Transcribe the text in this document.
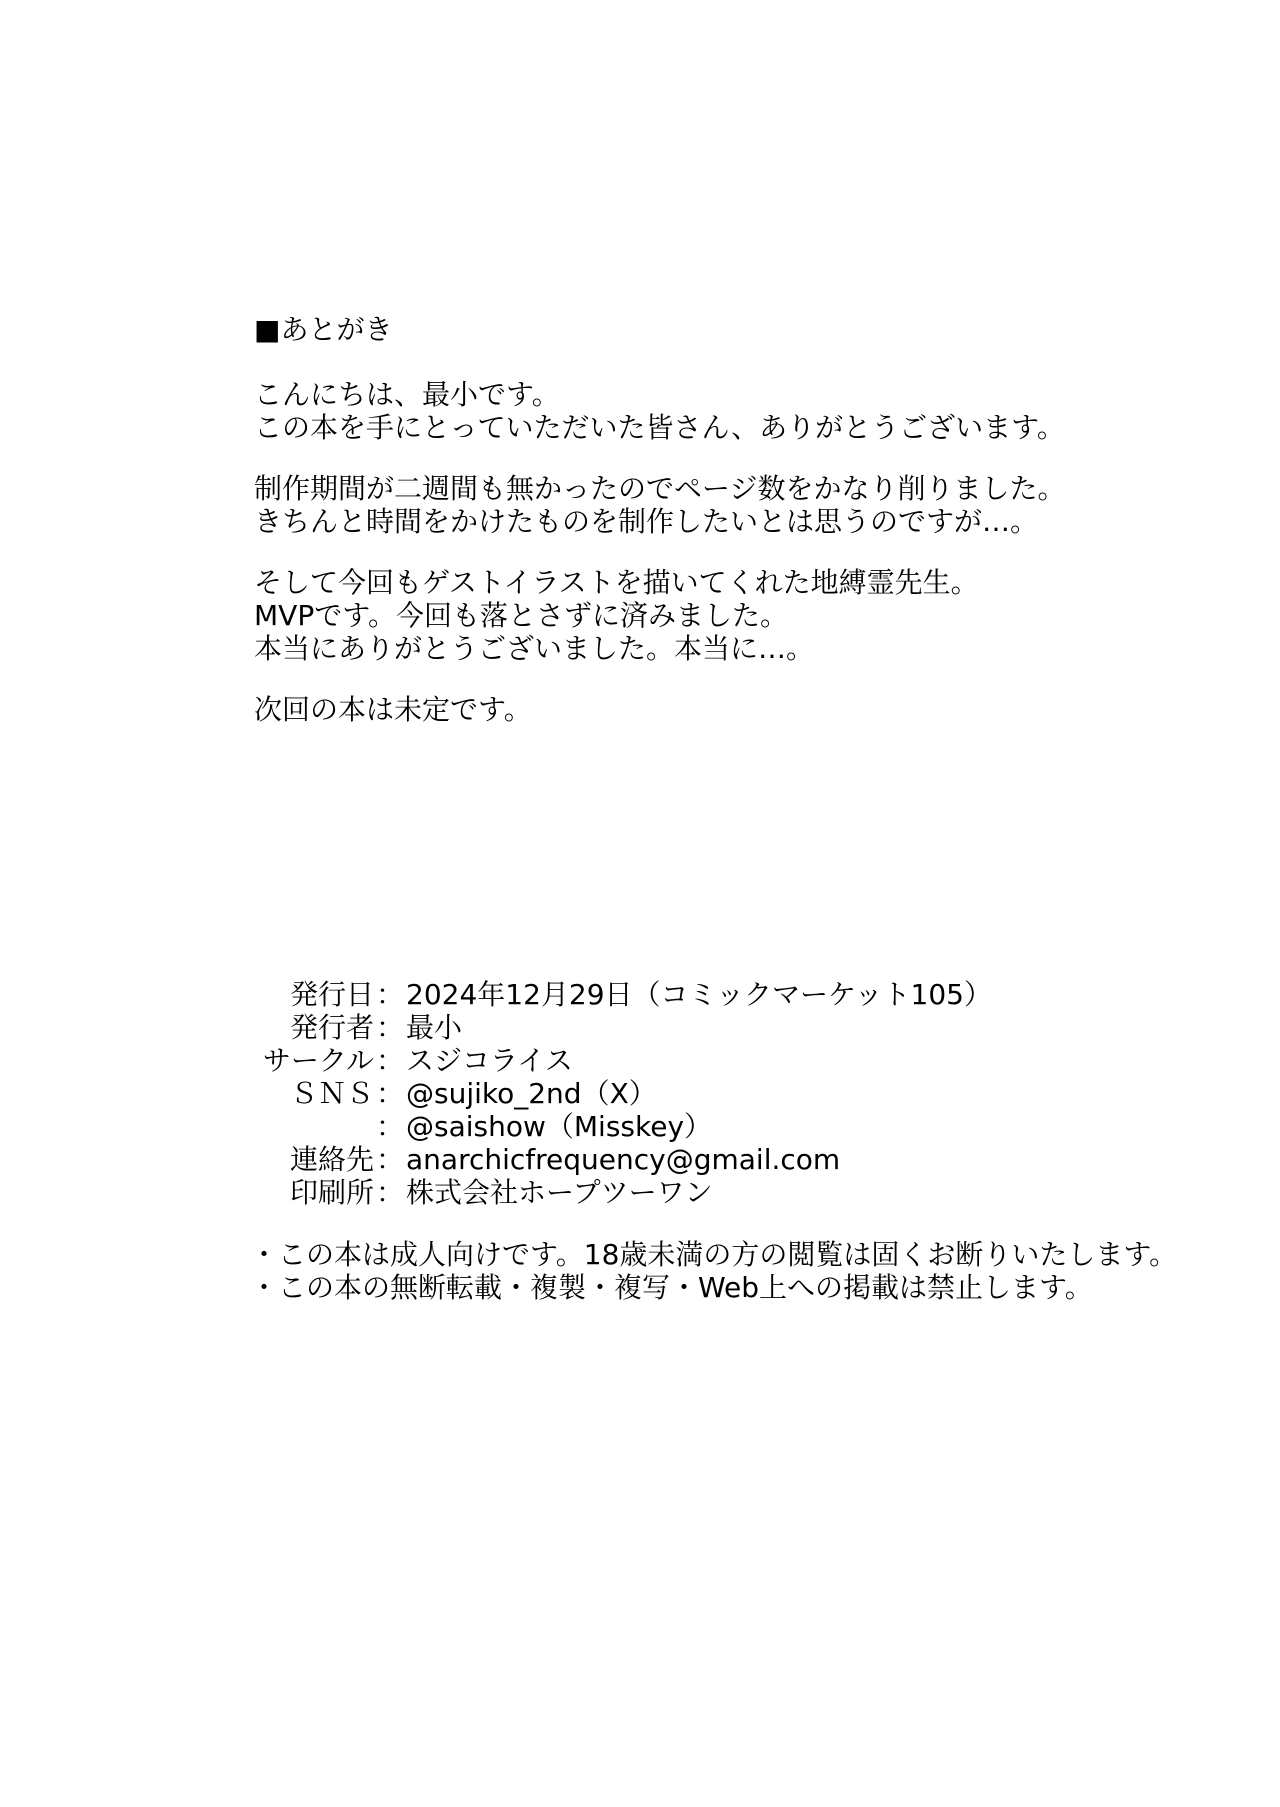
■あとがき
こんにちは、最小です。
この本を手にとっていただいた皆さん、ありがとうございます。
制作期間が二週間も無かったのでページ数をかなり削りました。
きちんと時間をかけたものを制作したいとは思うのですが…。
そして今回もゲストイラストを描いてくれた地縛霊先生。
MVPです。今回も落とさずに済みました。
本当にありがとうございました。本当に…。
次回の本は未定です。
発行日 ： 2024年12月29日（コミックマーケット105）
発行者 ： 最小
サークル ： スジコライス
ＳＮＳ ： @sujiko_2nd（X）
： @saishow（Misskey）
連絡先 ： anarchicfrequency@gmail.com
印刷所 ： 株式会社ホープツーワン
・この本は成人向けです。18歳未満の方の閲覧は固くお断りいたします。
・この本の無断転載・複製・複写・Web上への掲載は禁止します。
